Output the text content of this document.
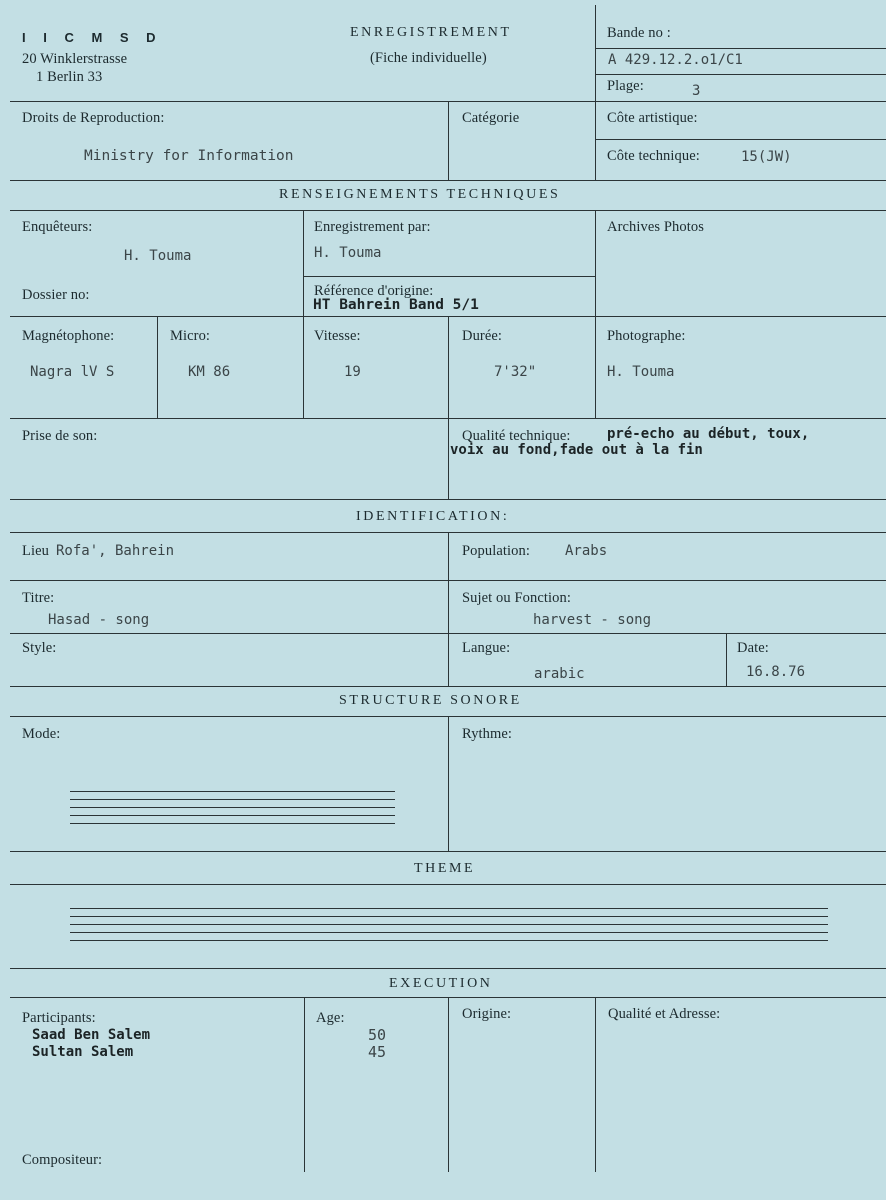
I I C M S D
20 Winklerstrasse
1 Berlin 33
ENREGISTREMENT
(Fiche individuelle)
Bande no :
A 429.12.2.o1/C1
Plage:	3
Droits de Reproduction:
Ministry for Information
Catégorie	Côte artistique:
Côte technique:	15(JW)
RENSEIGNEMENTS TECHNIQUES
Enquêteurs:
H. Touma
Enregistrement par:
H. Touma
Archives Photos
Dossier no:	Référence d'origine:
HT Bahrein Band 5/1
Magnétophone:
Nagra lV S
Micro:
KM 86
Vitesse:
19
Durée:
7'32"
Photographe:
H. Touma
Prise de son:	Qualité technique:	pré-echo au début, toux,
voix au fond,fade out à la fin
IDENTIFICATION:
Lieu Rofa', Bahrein	Population:	Arabs
Titre:
Hasad - song
Sujet ou Fonction:
harvest - song
Style:	Langue:
arabic
Date:
16.8.76
STRUCTURE SONORE
Mode:	Rythme:
THEME
EXECUTION
Participants:
Saad Ben Salem
Sultan Salem
Age:
50
45
Origine:	Qualité et Adresse:
Compositeur:
